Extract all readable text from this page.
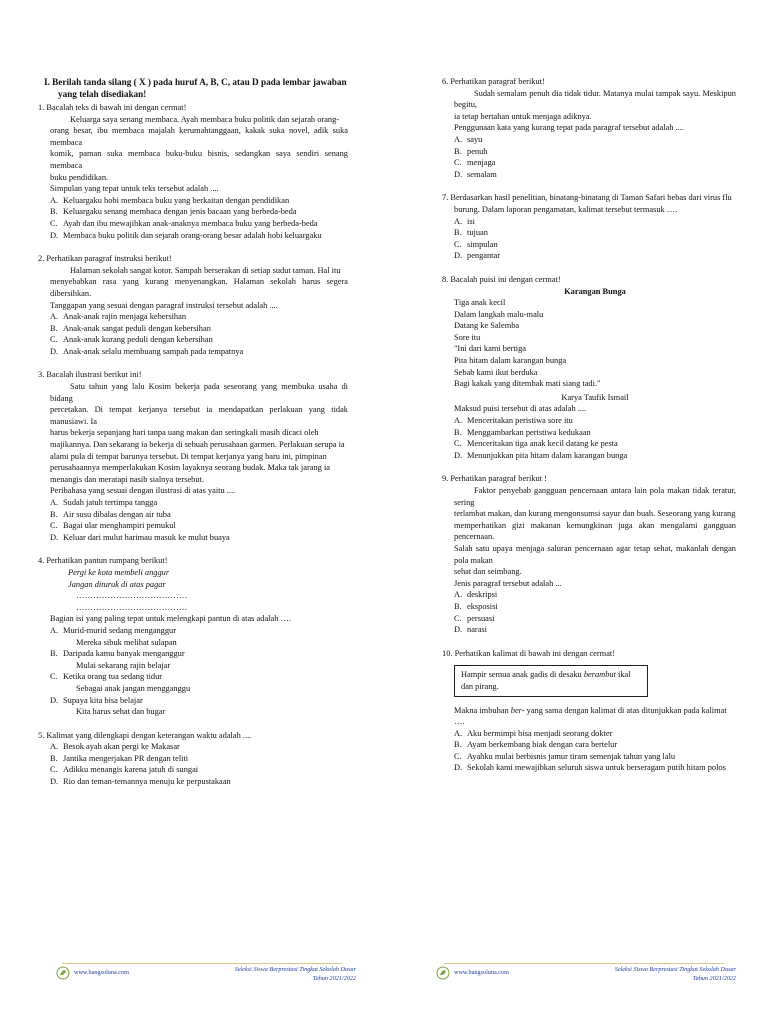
I. Berilah tanda silang ( X ) pada huruf A, B, C, atau D pada lembar jawaban yang telah disediakan!
1. Bacalah teks di bawah ini dengan cermat!
Keluarga saya senang membaca. Ayah membaca buku politik dan sejarah orang-
orang besar, ibu membaca majalah kerumahtanggaan, kakak suka novel, adik suka membaca
komik, paman suka membaca buku-buku bisnis, sedangkan saya sendiri senang membaca
buku pendidikan.
Simpulan yang tepat untuk teks tersebut adalah ....
A. Keluargaku hobi membaca buku yang berkaitan dengan pendidikan
B. Keluargaku senang membaca dengan jenis bacaan yang berbeda-beda
C. Ayah dan ibu mewajibkan anak-anaknya membaca buku yang berbeda-beda
D. Membaca buku politik dan sejarah orang-orang besar adalah hobi keluargaku
2. Perhatikan paragraf instruksi berikut!
Halaman sekolah sangat kotor. Sampah berserakan di setiap sudut taman. Hal itu
menyebabkan rasa yang kurang menyenangkan. Halaman sekolah harus segera dibersihkan.
Tanggapan yang sesuai dengan paragraf instruksi tersebut adalah ....
A. Anak-anak rajin menjaga kebersihan
B. Anak-anak sangat peduli dengan kebersihan
C. Anak-anak kurang peduli dengan kebersihan
D. Anak-anak selalu membuang sampah pada tempatnya
3. Bacalah ilustrasi berikut ini!
Satu tahun yang lalu Kosim bekerja pada seseorang yang membuka usaha di bidang
percetakan. Di tempat kerjanya tersebut ia mendapatkan perlakuan yang tidak manusiawi. Ia
harus bekerja sepanjang hari tanpa uang makan dan seringkali masih dicaci oleh
majikannya. Dan sekarang ia bekerja di sebuah perusahaan garmen. Perlakuan serupa ia
alami pula di tempat barunya tersebut. Di tempat kerjanya yang baru ini, pimpinan
perusahaannya memperlakukan Kosim layaknya seorang budak. Maka tak jarang ia
menangis dan meratapi nasib sialnya tersebut.
Peribahasa yang sesuai dengan ilustrasi di atas yaitu ....
A. Sudah jatuh tertimpa tangga
B. Air susu dibalas dengan air tuba
C. Bagai ular menghampiri pemukul
D. Keluar dari mulut harimau masuk ke mulut buaya
4. Perhatikan pantun rumpang berikut!
Pergi ke kota membeli anggur
Jangan dituruk di atas pagar
…………………………………
…………………………………
Bagian isi yang paling tepat untuk melengkapi pantun di atas adalah ….
A. Murid-murid sedang menganggur
Mereka sibuk melihat sulapan
B. Daripada kamu banyak menganggur
Mulai sekarang rajin belajar
C. Ketika orang tua sedang tidur
Sebagai anak jangan mengganggu
D. Supaya kita bisa belajar
Kita harus sehat dan bugar
5. Kalimat yang dilengkapi dengan keterangan waktu adalah ....
A. Besok ayah akan pergi ke Makasar
B. Jantika mengerjakan PR dengan teliti
C. Adikku menangis karena jatuh di sungai
D. Rio dan teman-temannya menuju ke perpustakaan
6. Perhatikan paragraf berikut!
Sudah semalam penuh dia tidak tidur. Matanya mulai tampak sayu. Meskipun begitu,
ia tetap bertahan untuk menjaga adiknya.
Penggunaan kata yang kurang tepat pada paragraf tersebut adalah ....
A. sayu
B. penuh
C. menjaga
D. semalam
7. Berdasarkan hasil penelitian, binatang-binatang di Taman Safari bebas dari virus flu burung. Dalam laporan pengamatan, kalimat tersebut termasuk ….
A. isi
B. tujuan
C. simpulan
D. pengantar
8. Bacalah puisi ini dengan cermat!
Karangan Bunga
Tiga anak kecil
Dalam langkah malu-malu
Datang ke Salemba
Sore itu
"Ini dari kami bertiga
Pita hitam dalam karangan bunga
Sebab kami ikut berduka
Bagi kakak yang ditembak mati siang tadi."
Karya Taufik Ismail
Maksud puisi tersebut di atas adalah ....
A. Menceritakan peristiwa sore itu
B. Menggambarkan peristiwa kedukaan
C. Menceritakan tiga anak kecil datang ke pesta
D. Menunjukkan pita hitam dalam karangan bunga
9. Perhatikan paragraf berikut !
Faktor penyebab gangguan pencernaan antara lain pola makan tidak teratur, sering
terlambat makan, dan kurang mengonsumsi sayur dan buah. Seseorang yang kurang
memperhatikan gizi makanan kemungkinan juga akan mengalami gangguan pencernaan.
Salah satu upaya menjaga saluran pencernaan agar tetap sehat, makanlah dengan pola makan
sehat dan seimbang.
Jenis paragraf tersebut adalah ...
A. deskripsi
B. eksposisi
C. persuasi
D. narasi
10. Perhatikan kalimat di bawah ini dengan cermat!
Hampir semua anak gadis di desaku berambut ikal dan pirang.
Makna imbuhan ber- yang sama dengan kalimat di atas ditunjukkan pada kalimat ….
A. Aku bermimpi bisa menjadi seorang dokter
B. Ayam berkembang biak dengan cara bertelur
C. Ayahku mulai berbisnis jamur tiram semenjak tahun yang lalu
D. Sekolah kami mewajibkan seluruh siswa untuk berseragam putih hitam polos
www.bangsoluna.com	Seleksi Siswa Berprestasi Tingkat Sekolah Dasar
Tahun 2021/2022
www.bangsoluna.com	Seleksi Siswa Berprestasi Tingkat Sekolah Dasar
Tahun 2021/2022
